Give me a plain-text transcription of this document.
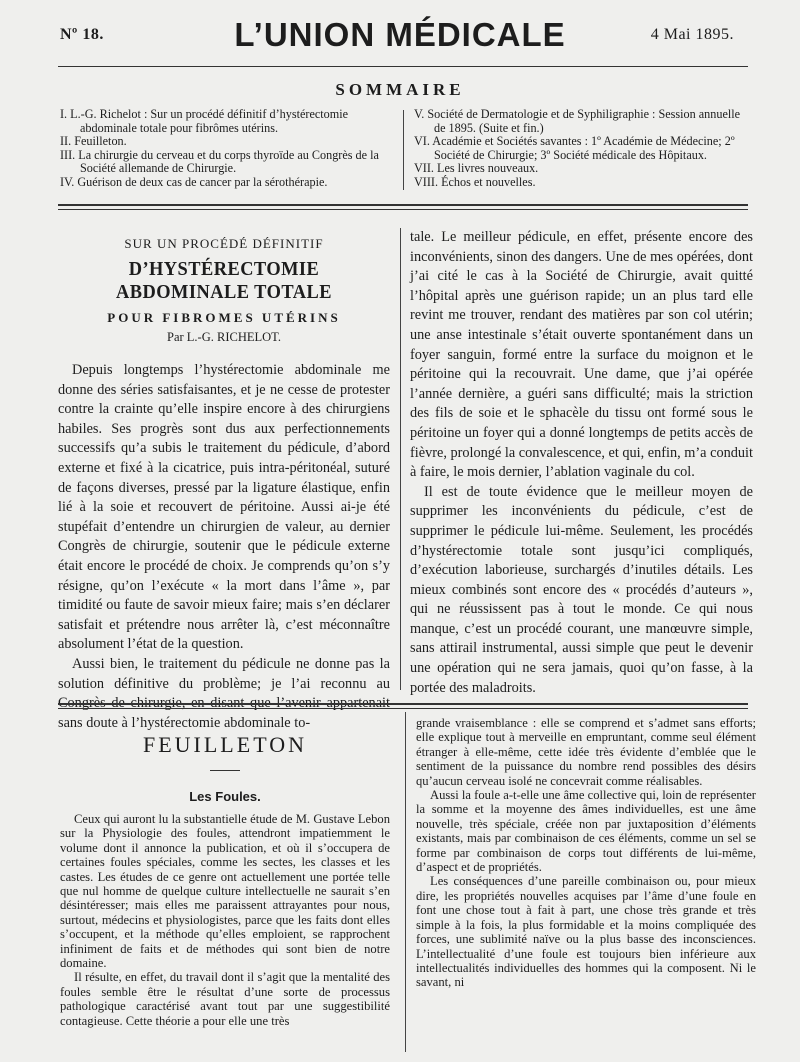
Nº 18.	L’UNION MÉDICALE	4 Mai 1895.
SOMMAIRE

I. L.-G. Richelot : Sur un procédé définitif d’hystérectomie abdominale totale pour fibrômes utérins.

II. Feuilleton.

III. La chirurgie du cerveau et du corps thyroïde au Congrès de la Société allemande de Chirurgie.

IV. Guérison de deux cas de cancer par la sérothérapie.

V. Société de Dermatologie et de Syphiligraphie : Session annuelle de 1895. (Suite et fin.)

VI. Académie et Sociétés savantes : 1º Académie de Médecine; 2º Société de Chirurgie; 3º Société médicale des Hôpitaux.

VII. Les livres nouveaux.

VIII. Échos et nouvelles.

SUR UN PROCÉDÉ DÉFINITIF
D’HYSTÉRECTOMIE ABDOMINALE TOTALE
POUR FIBROMES UTÉRINS
Par L.-G. RICHELOT.

Depuis longtemps l’hystérectomie abdominale me donne des séries satisfaisantes, et je ne cesse de protester contre la crainte qu’elle inspire encore à des chirurgiens habiles. Ses progrès sont dus aux perfectionnements successifs qu’a subis le traitement du pédicule, d’abord externe et fixé à la cicatrice, puis intra-péritonéal, suturé de façons diverses, pressé par la ligature élastique, enfin lié à la soie et recouvert de péritoine. Aussi ai-je été stupéfait d’entendre un chirurgien de valeur, au dernier Congrès de chirurgie, soutenir que le pédicule externe était encore le procédé de choix. Je comprends qu’on s’y résigne, qu’on l’exécute « la mort dans l’âme », par timidité ou faute de savoir mieux faire; mais s’en déclarer satisfait et prétendre nous arrêter là, c’est méconnaître absolument l’état de la question.

Aussi bien, le traitement du pédicule ne donne pas la solution définitive du problème; je l’ai reconnu au Congrès de chirurgie, en disant que l’avenir appartenait sans doute à l’hystérectomie abdominale to-

tale. Le meilleur pédicule, en effet, présente encore des inconvénients, sinon des dangers. Une de mes opérées, dont j’ai cité le cas à la Société de Chirurgie, avait quitté l’hôpital après une guérison rapide; un an plus tard elle revint me trouver, rendant des matières par son col utérin; une anse intestinale s’était ouverte spontanément dans un foyer sanguin, formé entre la surface du moignon et le péritoine qui la recouvrait. Une dame, que j’ai opérée l’année dernière, a guéri sans difficulté; mais la striction des fils de soie et le sphacèle du tissu ont formé sous le péritoine un foyer qui a donné longtemps de petits accès de fièvre, prolongé la convalescence, et qui, enfin, m’a conduit à faire, le mois dernier, l’ablation vaginale du col.

Il est de toute évidence que le meilleur moyen de supprimer les inconvénients du pédicule, c’est de supprimer le pédicule lui-même. Seulement, les procédés d’hystérectomie totale sont jusqu’ici compliqués, d’exécution laborieuse, surchargés d’inutiles détails. Les mieux combinés sont encore des « procédés d’auteurs », qui ne réussissent pas à tout le monde. Ce qui nous manque, c’est un procédé courant, une manœuvre simple, sans attirail instrumental, aussi simple que peut le devenir une opération qui ne sera jamais, quoi qu’on fasse, à la portée des maladroits.

FEUILLETON
Les Foules.

Ceux qui auront lu la substantielle étude de M. Gustave Lebon sur la Physiologie des foules, attendront impatiemment le volume dont il annonce la publication, et où il s’occupera de certaines foules spéciales, comme les sectes, les classes et les castes. Les études de ce genre ont actuellement une portée telle que nul homme de quelque culture intellectuelle ne saurait s’en désintéresser; mais elles me paraissent attrayantes pour nous, surtout, médecins et physiologistes, parce que les faits dont elles s’occupent, et la méthode qu’elles emploient, se rapprochent infiniment de faits et de méthodes qui sont bien de notre domaine.

Il résulte, en effet, du travail dont il s’agit que la mentalité des foules semble être le résultat d’une sorte de processus pathologique caractérisé avant tout par une suggestibilité contagieuse. Cette théorie a pour elle une très

grande vraisemblance : elle se comprend et s’admet sans efforts; elle explique tout à merveille en empruntant, comme seul élément étranger à elle-même, cette idée très évidente d’emblée que le sentiment de la puissance du nombre rend possibles des désirs qu’aucun cerveau isolé ne concevrait comme réalisables.

Aussi la foule a-t-elle une âme collective qui, loin de représenter la somme et la moyenne des âmes individuelles, est une âme nouvelle, très spéciale, créée non par juxtaposition d’éléments existants, mais par combinaison de ces éléments, comme un sel se forme par combinaison de corps tout différents de lui-même, d’aspect et de propriétés.

Les conséquences d’une pareille combinaison ou, pour mieux dire, les propriétés nouvelles acquises par l’âme d’une foule en font une chose tout à fait à part, une chose très grande et très simple à la fois, la plus formidable et la moins compliquée des forces, une sublimité naïve ou la plus basse des inconsciences. L’intellectualité d’une foule est toujours bien inférieure aux intellectualités individuelles des hommes qui la composent. Ni le savant, ni
